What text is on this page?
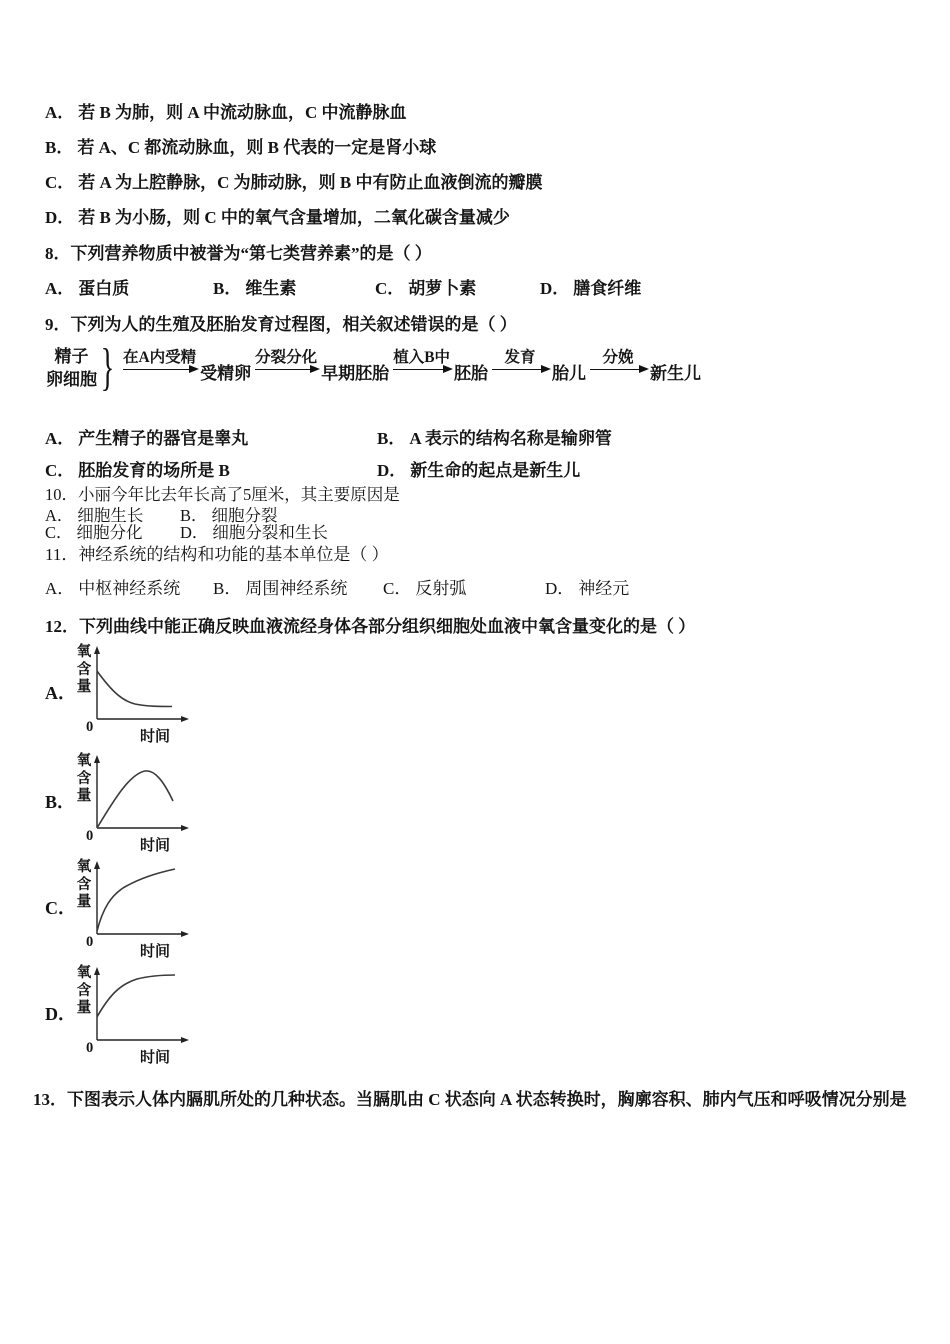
A． 若 B 为肺，则 A 中流动脉血，C 中流静脉血
B． 若 A、C 都流动脉血，则 B 代表的一定是肾小球
C． 若 A 为上腔静脉，C 为肺动脉，则 B 中有防止血液倒流的瓣膜
D． 若 B 为小肠，则 C 中的氧气含量增加，二氧化碳含量减少
8．下列营养物质中被誉为“第七类营养素”的是（ ）
A． 蛋白质	B． 维生素	C． 胡萝卜素	D． 膳食纤维
9．下列为人的生殖及胚胎发育过程图，相关叙述错误的是（ ）
精子
卵细胞 } 在A内受精
受精卵
分裂分化
早期胚胎
植入B中
胚胎
发育
胎儿
分娩
新生儿
A． 产生精子的器官是睾丸	B． A 表示的结构名称是输卵管
C． 胚胎发育的场所是 B	D． 新生命的起点是新生儿
10．小丽今年比去年长高了5厘米，其主要原因是
A． 细胞生长 B． 细胞分裂
C． 细胞分化 D． 细胞分裂和生长
11．神经系统的结构和功能的基本单位是（ ）
A． 中枢神经系统 B． 周围神经系统 C． 反射弧	D． 神经元
12．下列曲线中能正确反映血液流经身体各部分组织细胞处血液中氧含量变化的是（ ）
A．
氧含量
0
时间
B．
氧含量
0
时间
C．
氧含量
0
时间
D．
氧含量
0
时间
13．下图表示人体内膈肌所处的几种状态。当膈肌由 C 状态向 A 状态转换时，胸廓容积、肺内气压和呼吸情况分别是
